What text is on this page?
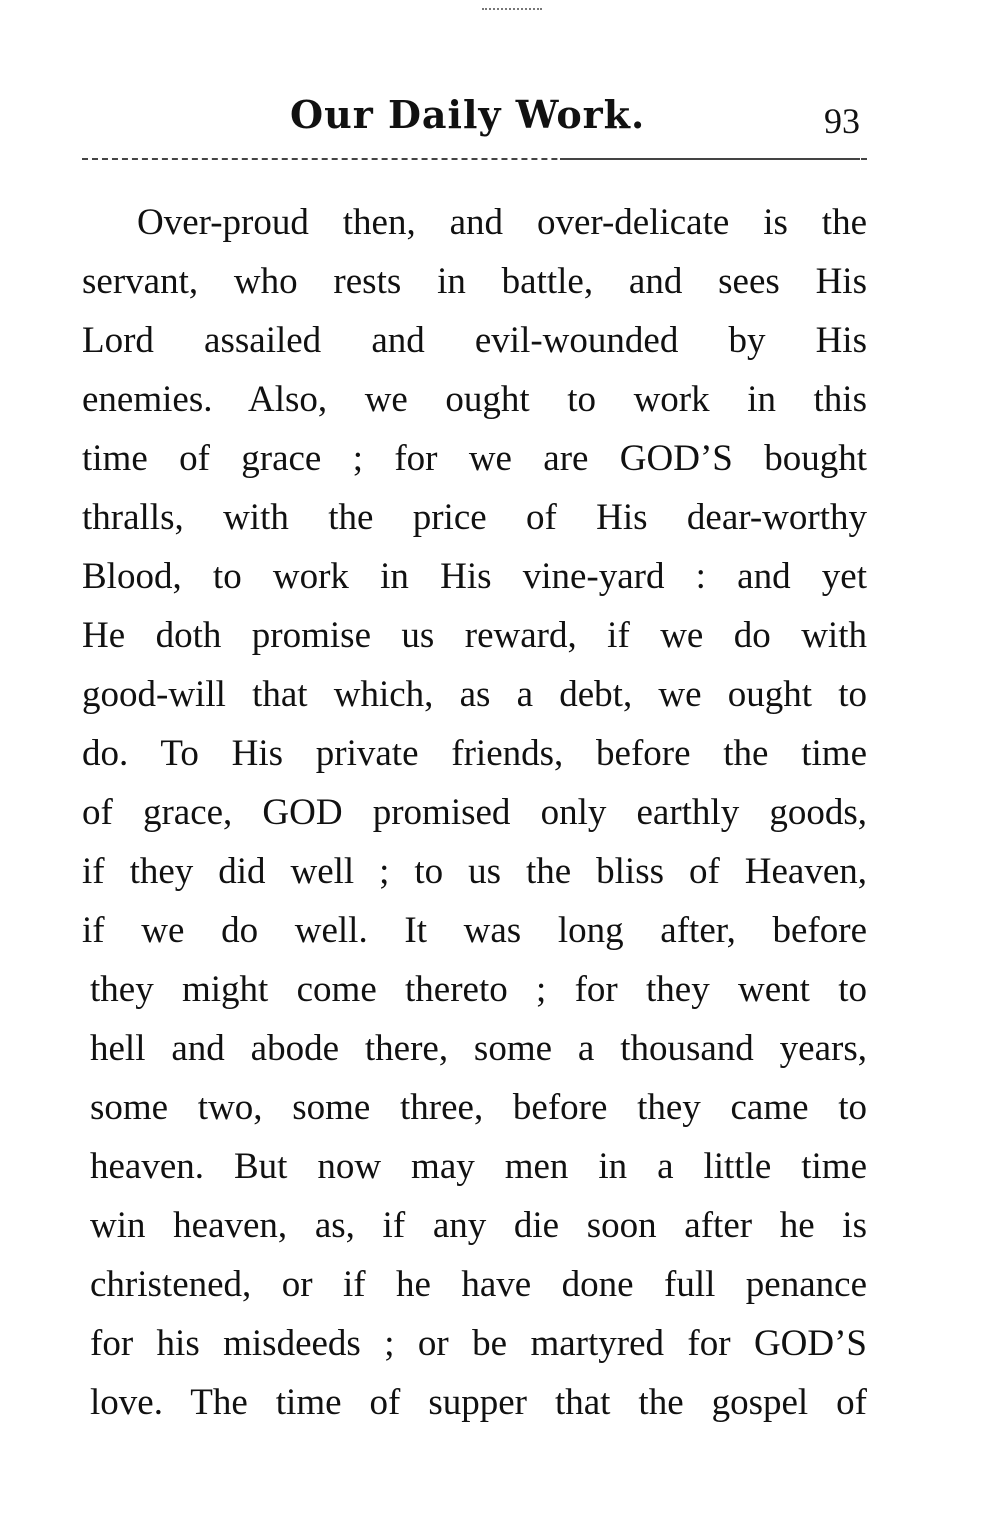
Our Daily Work.	93
Over-proud then, and over-delicate is the
servant, who rests in battle, and sees His
Lord assailed and evil-wounded by His
enemies. Also, we ought to work in this
time of grace ; for we are GOD’S bought
thralls, with the price of His dear-worthy
Blood, to work in His vine-yard : and yet
He doth promise us reward, if we do with
good-will that which, as a debt, we ought to
do. To His private friends, before the time
of grace, GOD promised only earthly goods,
if they did well ; to us the bliss of Heaven,
if we do well. It was long after, before
they might come thereto ; for they went to
hell and abode there, some a thousand years,
some two, some three, before they came to
heaven. But now may men in a little time
win heaven, as, if any die soon after he is
christened, or if he have done full penance
for his misdeeds ; or be martyred for GOD’S
love. The time of supper that the gospel of
